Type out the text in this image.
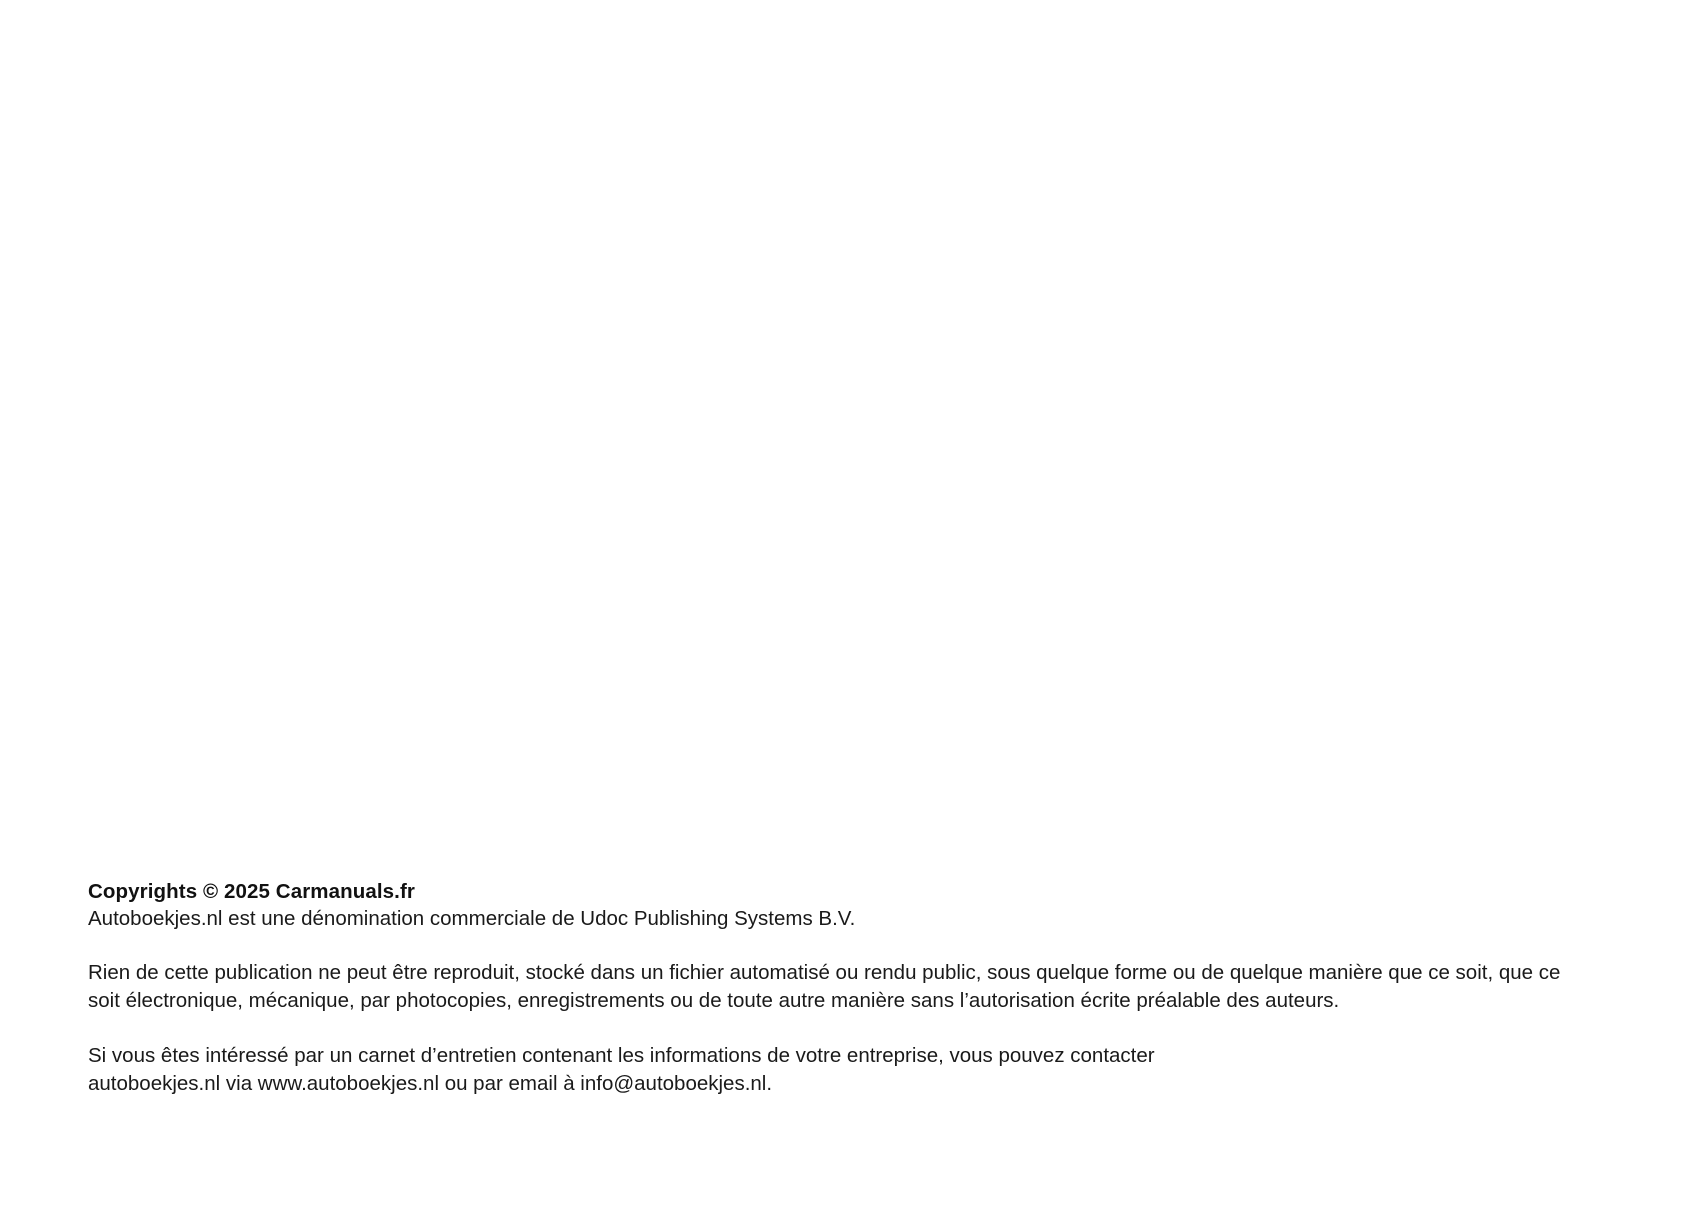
Copyrights © 2025 Carmanuals.fr

Autoboekjes.nl est une dénomination commerciale de Udoc Publishing Systems B.V.

Rien de cette publication ne peut être reproduit, stocké dans un fichier automatisé ou rendu public, sous quelque forme ou de quelque manière que ce soit, que ce soit électronique, mécanique, par photocopies, enregistrements ou de toute autre manière sans l’autorisation écrite préalable des auteurs.

Si vous êtes intéressé par un carnet d’entretien contenant les informations de votre entreprise, vous pouvez contacter autoboekjes.nl via www.autoboekjes.nl ou par email à info@autoboekjes.nl.
